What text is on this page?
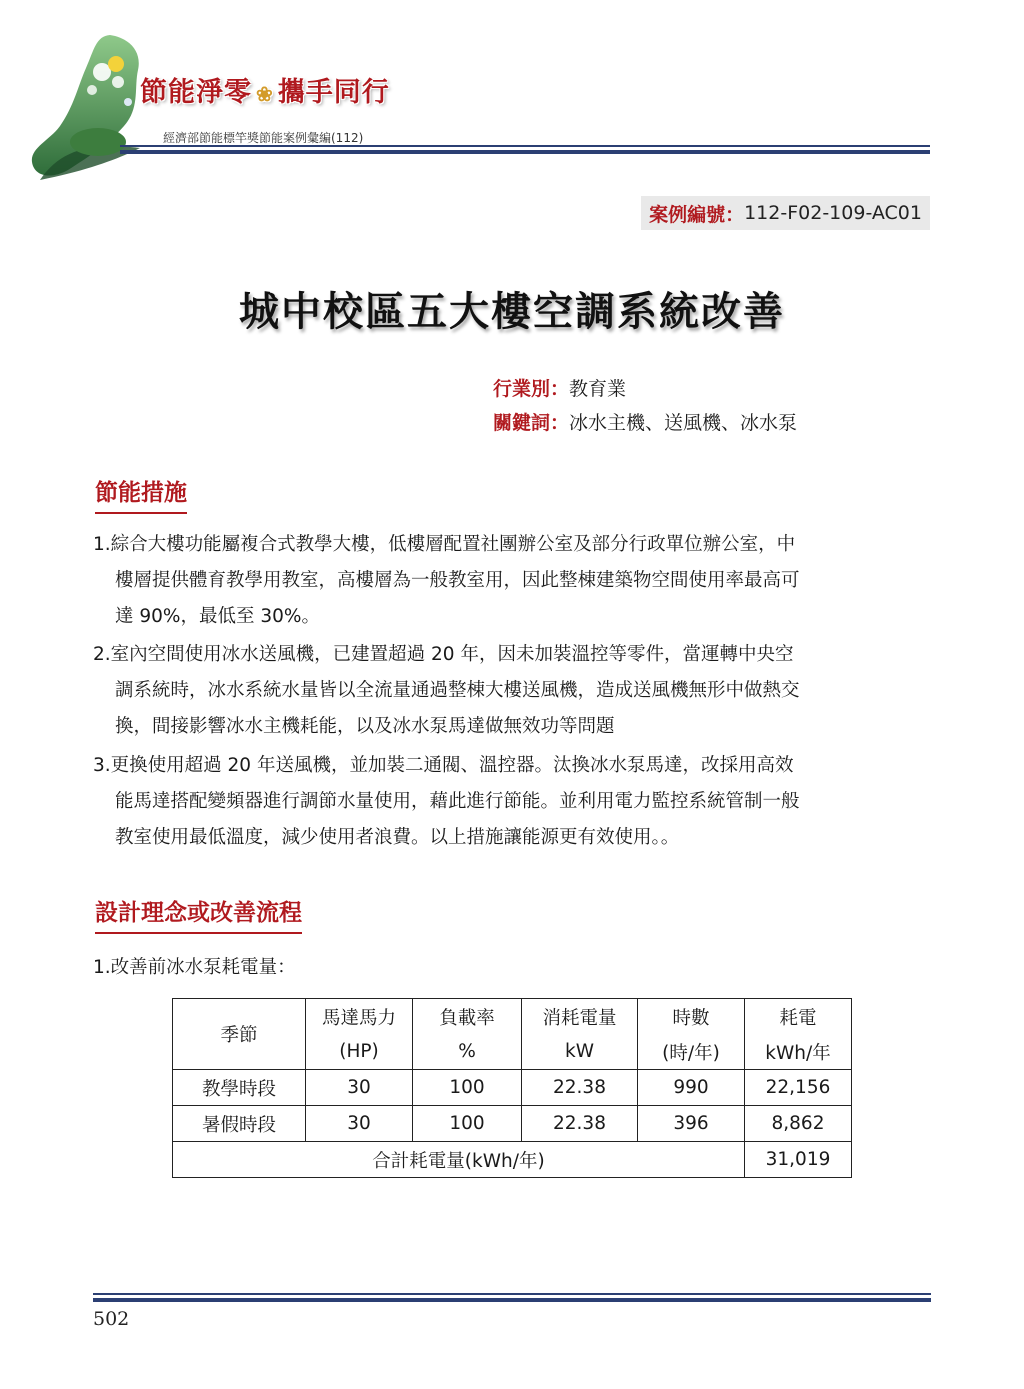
節能淨零 ❀ 攜手同行
經濟部節能標竿獎節能案例彙編(112)
案例編號： 112-F02-109-AC01
城中校區五大樓空調系統改善
行業別：教育業
關鍵詞：冰水主機、送風機、冰水泵
節能措施
1.綜合大樓功能屬複合式教學大樓，低樓層配置社團辦公室及部分行政單位辦公室，中
樓層提供體育教學用教室，高樓層為一般教室用，因此整棟建築物空間使用率最高可
達 90%，最低至 30%。
2.室內空間使用冰水送風機，已建置超過 20 年，因未加裝溫控等零件，當運轉中央空
調系統時，冰水系統水量皆以全流量通過整棟大樓送風機，造成送風機無形中做熱交
換，間接影響冰水主機耗能，以及冰水泵馬達做無效功等問題
3.更換使用超過 20 年送風機，並加裝二通閥、溫控器。汰換冰水泵馬達，改採用高效
能馬達搭配變頻器進行調節水量使用，藉此進行節能。並利用電力監控系統管制一般
教室使用最低溫度，減少使用者浪費。以上措施讓能源更有效使用。。
設計理念或改善流程
1.改善前冰水泵耗電量：
季節	馬達馬力	負載率	消耗電量	時數	耗電
	(HP)	%	kW	(時/年)	kWh/年
教學時段	30	100	22.38	990	22,156
暑假時段	30	100	22.38	396	8,862
合計耗電量(kWh/年)					31,019
502
